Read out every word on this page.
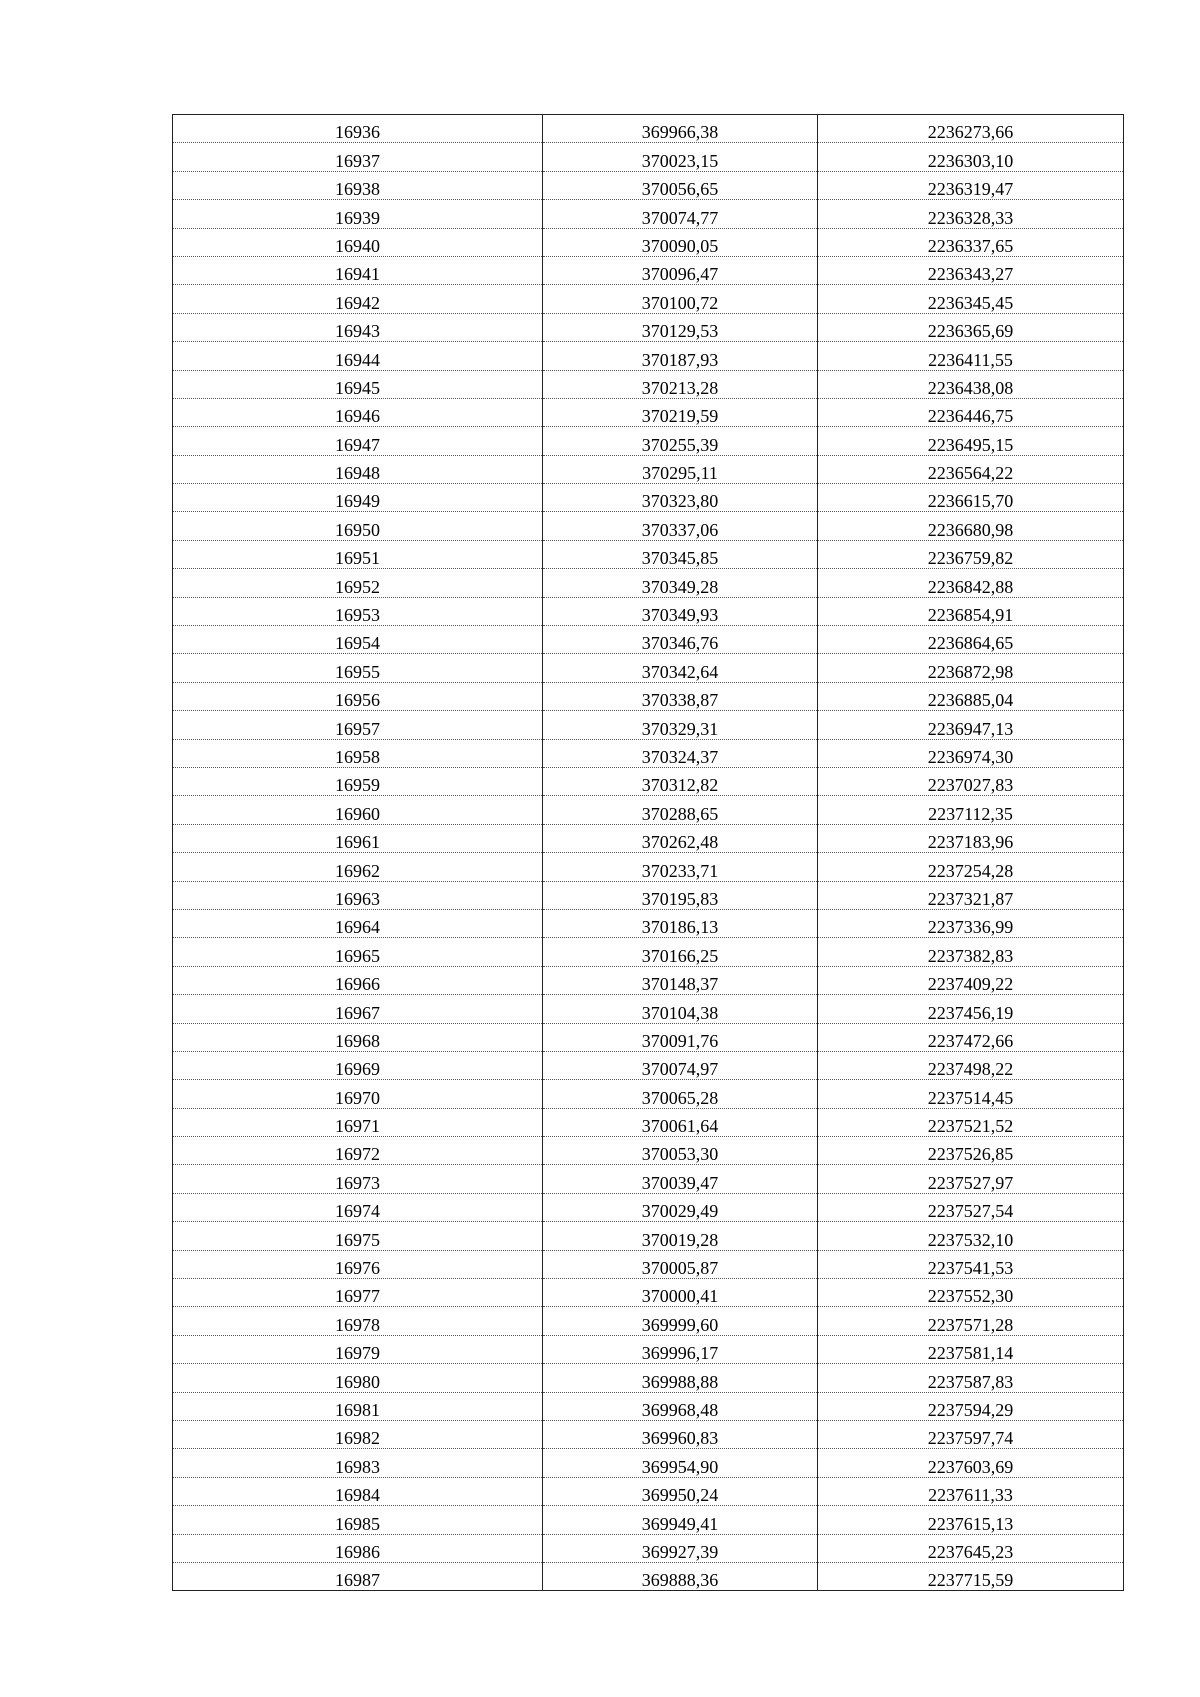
16936	369966,38	2236273,66
16937	370023,15	2236303,10
16938	370056,65	2236319,47
16939	370074,77	2236328,33
16940	370090,05	2236337,65
16941	370096,47	2236343,27
16942	370100,72	2236345,45
16943	370129,53	2236365,69
16944	370187,93	2236411,55
16945	370213,28	2236438,08
16946	370219,59	2236446,75
16947	370255,39	2236495,15
16948	370295,11	2236564,22
16949	370323,80	2236615,70
16950	370337,06	2236680,98
16951	370345,85	2236759,82
16952	370349,28	2236842,88
16953	370349,93	2236854,91
16954	370346,76	2236864,65
16955	370342,64	2236872,98
16956	370338,87	2236885,04
16957	370329,31	2236947,13
16958	370324,37	2236974,30
16959	370312,82	2237027,83
16960	370288,65	2237112,35
16961	370262,48	2237183,96
16962	370233,71	2237254,28
16963	370195,83	2237321,87
16964	370186,13	2237336,99
16965	370166,25	2237382,83
16966	370148,37	2237409,22
16967	370104,38	2237456,19
16968	370091,76	2237472,66
16969	370074,97	2237498,22
16970	370065,28	2237514,45
16971	370061,64	2237521,52
16972	370053,30	2237526,85
16973	370039,47	2237527,97
16974	370029,49	2237527,54
16975	370019,28	2237532,10
16976	370005,87	2237541,53
16977	370000,41	2237552,30
16978	369999,60	2237571,28
16979	369996,17	2237581,14
16980	369988,88	2237587,83
16981	369968,48	2237594,29
16982	369960,83	2237597,74
16983	369954,90	2237603,69
16984	369950,24	2237611,33
16985	369949,41	2237615,13
16986	369927,39	2237645,23
16987	369888,36	2237715,59
